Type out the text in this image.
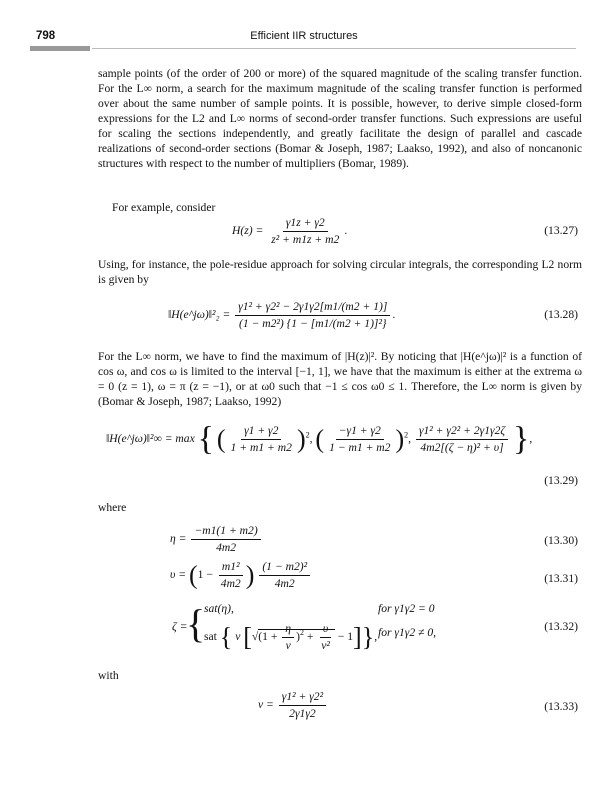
798	Efficient IIR structures
sample points (of the order of 200 or more) of the squared magnitude of the scaling transfer function. For the L∞ norm, a search for the maximum magnitude of the scaling transfer function is performed over about the same number of sample points. It is possible, however, to derive simple closed-form expressions for the L2 and L∞ norms of second-order transfer functions. Such expressions are useful for scaling the sections independently, and greatly facilitate the design of parallel and cascade realizations of second-order sections (Bomar & Joseph, 1987; Laakso, 1992), and also of noncanonic structures with respect to the number of multipliers (Bomar, 1989).
For example, consider
$H(z) = \frac{\gamma 1z + \gamma 2}{\text{z² + m1z + m2}}$ .	(13.27)
Using, for instance, the pole-residue approach for solving circular integrals, the corresponding L2 norm is given by
‖H(e^jω)‖²₂ = $\frac{\text{γ1² + γ2² − 2γ1γ2[m1/(m2 + 1)]}}{\text{(1 − m2²) \{1 − [m1/(m2 + 1)]²\}}}$ .	(13.28)
For the L∞ norm, we have to find the maximum of |H(z)|². By noticing that |H(e^jω)|² is a function of cos ω, and cos ω is limited to the interval [−1, 1], we have that the maximum is either at the extrema ω = 0 (z = 1), ω = π (z = −1), or at ω0 such that −1 ≤ cos ω0 ≤ 1. Therefore, the L∞ norm is given by (Bomar & Joseph, 1987; Laakso, 1992)
‖H(e^jω)‖²∞ = max { ( $\frac{\gamma 1 + \gamma 2}{1 + m1 + m2} )^2$, ( $\frac{-\gamma 1 + \gamma 2}{1 - m1 + m2} )^2$, $\frac{\text{γ1² + γ2² + 2γ1γ2ζ}}{\text{4m2[(ζ − η)² + υ]}}$ },
(13.29)
where
$\eta = \frac{-m1(1 + m2)}{4m2}$	(13.30)
$\upsilon = (1 - \frac{\text{m1²}}{4m2}$ ) $\frac{\text{(1 − m2)²}}{4m2}$	(13.31)
ζ =
{
sat(η),	for γ1γ2 = 0
sat { ν $[√(1 + \frac{\eta}{\nu} )^2 + \frac{\upsilon}{\text{ν²}} - 1]$}, for γ1γ2 ≠ 0,	(13.32)
with
$\nu = \frac{\text{γ1² + γ2²}}{2\gamma 1\gamma 2}$	(13.33)
